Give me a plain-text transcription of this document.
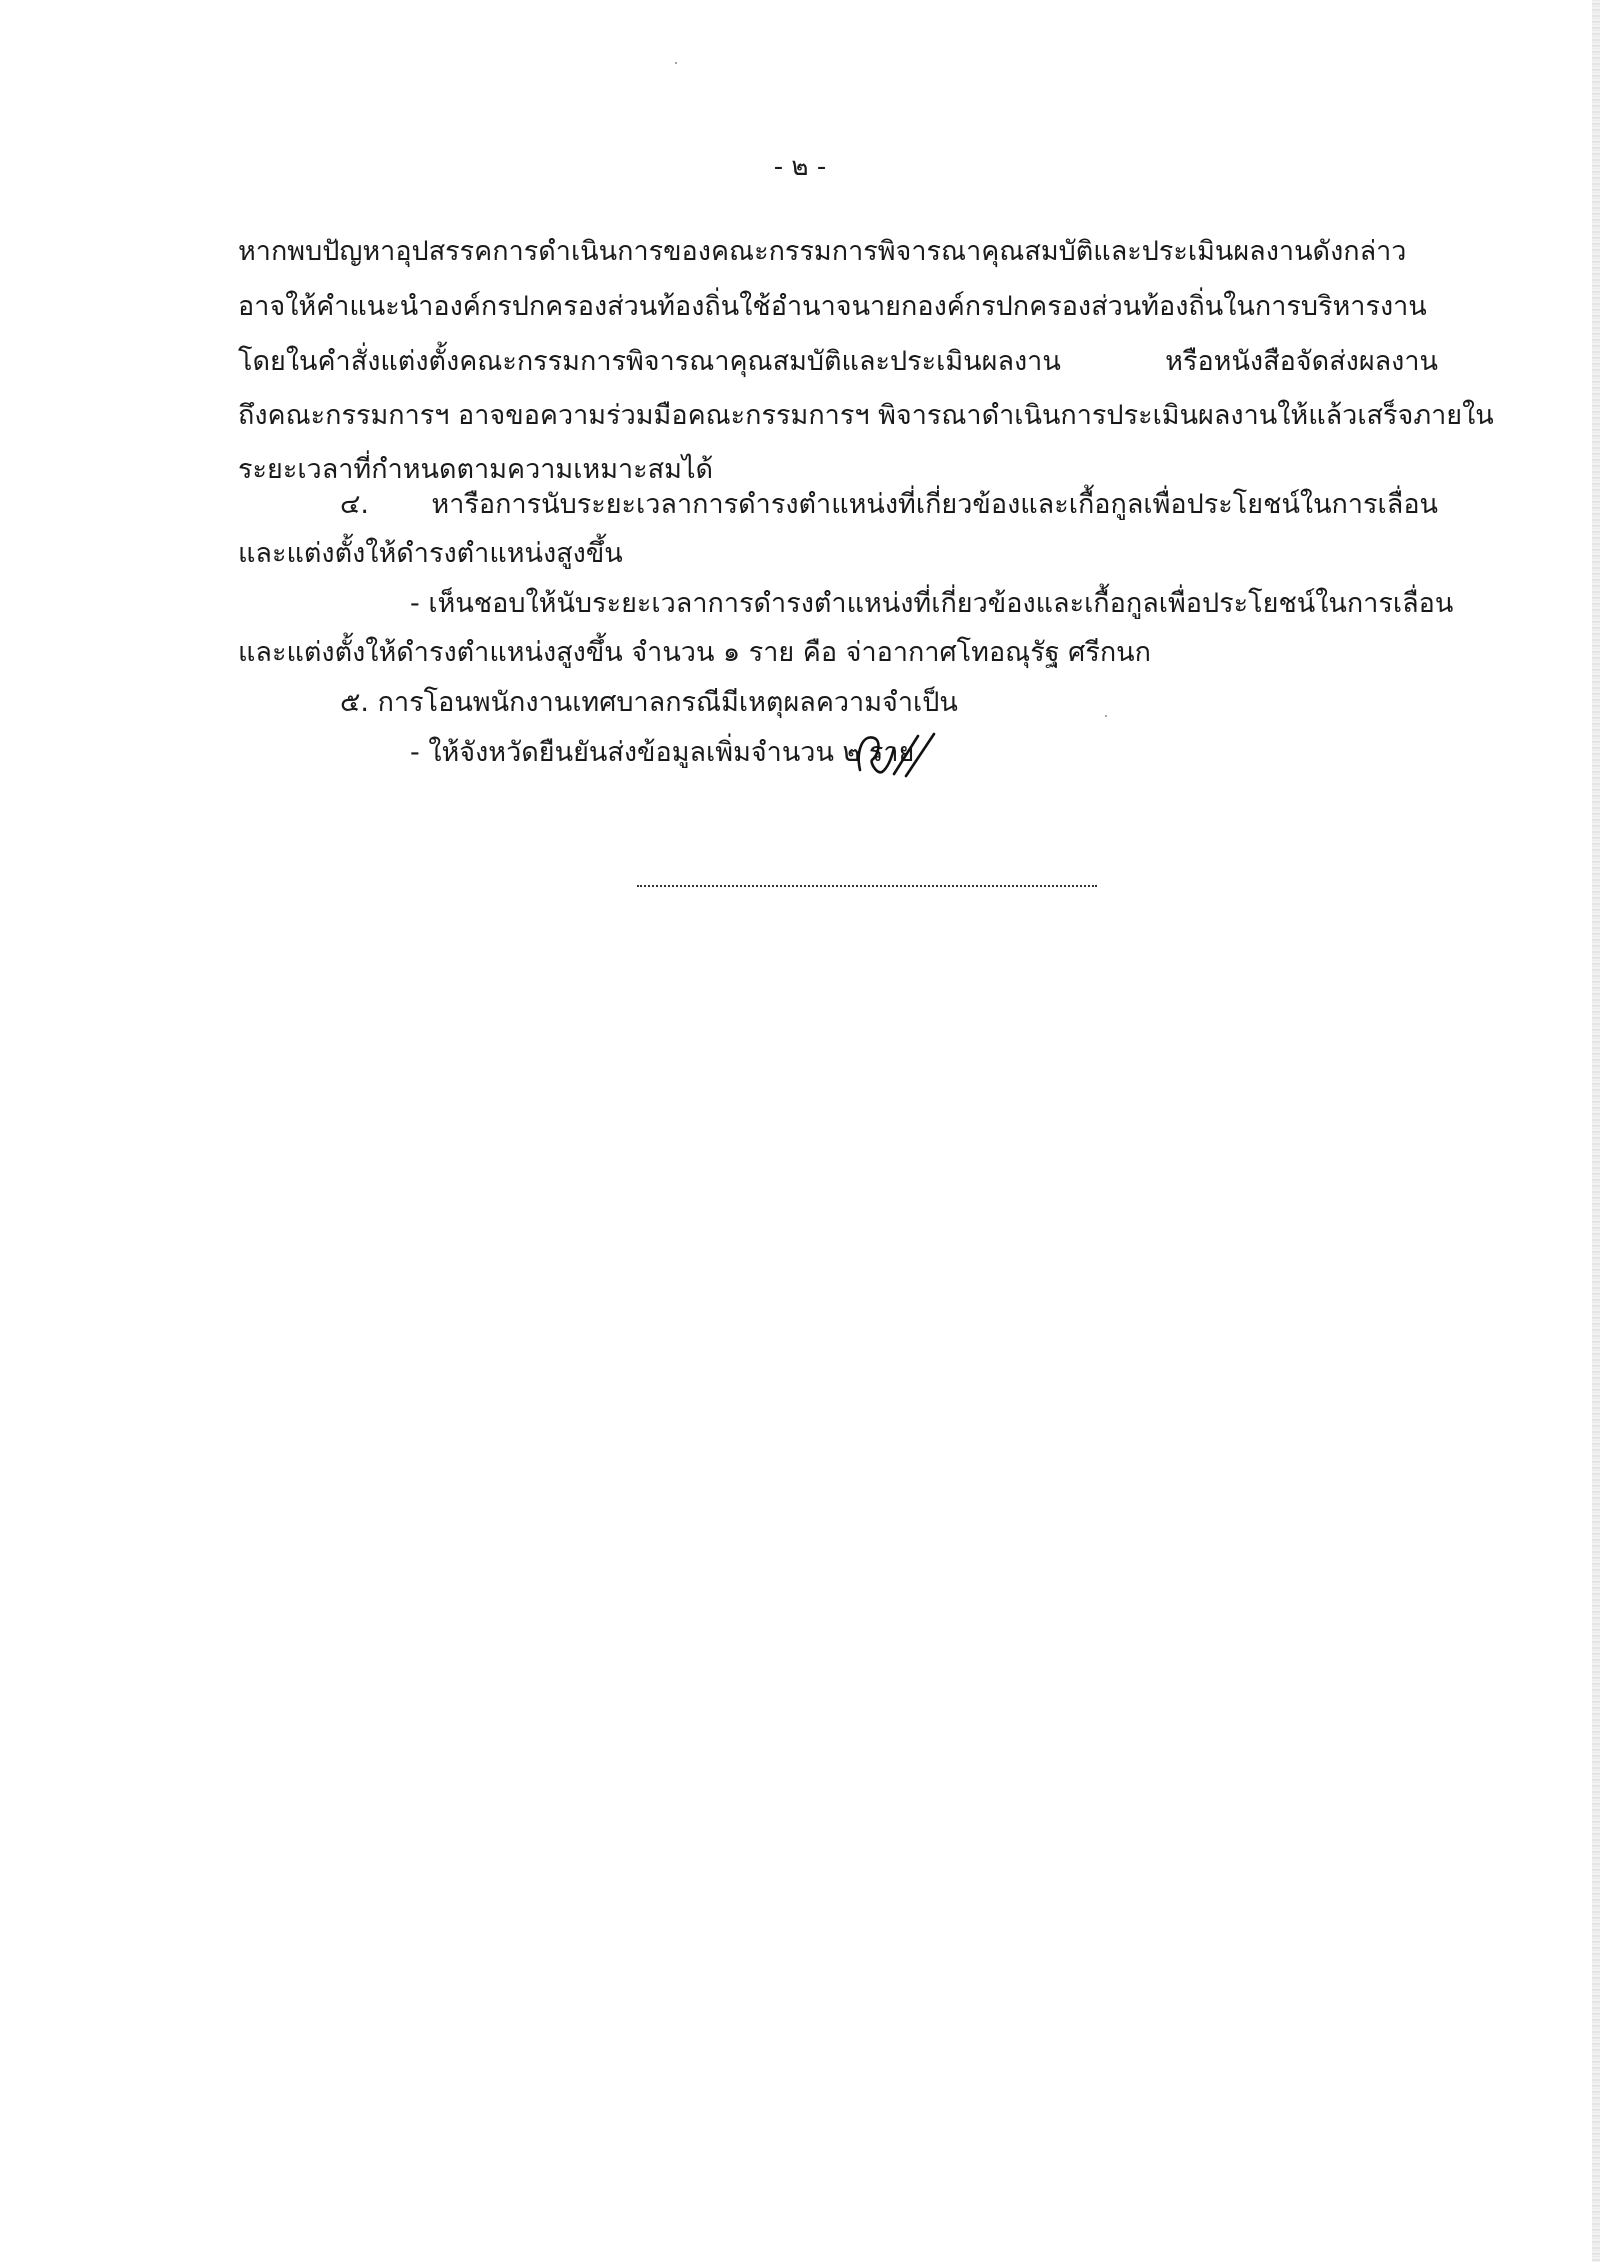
- ๒ -
หากพบปัญหาอุปสรรคการดำเนินการของคณะกรรมการพิจารณาคุณสมบัติและประเมินผลงานดังกล่าว
อาจให้คำแนะนำองค์กรปกครองส่วนท้องถิ่นใช้อำนาจนายกองค์กรปกครองส่วนท้องถิ่นในการบริหารงาน
โดยในคำสั่งแต่งตั้งคณะกรรมการพิจารณาคุณสมบัติและประเมินผลงาน หรือหนังสือจัดส่งผลงาน
ถึงคณะกรรมการฯ อาจขอความร่วมมือคณะกรรมการฯ พิจารณาดำเนินการประเมินผลงานให้แล้วเสร็จภายใน
ระยะเวลาที่กำหนดตามความเหมาะสมได้
๔. หารือการนับระยะเวลาการดำรงตำแหน่งที่เกี่ยวข้องและเกื้อกูลเพื่อประโยชน์ในการเลื่อน
และแต่งตั้งให้ดำรงตำแหน่งสูงขึ้น
- เห็นชอบให้นับระยะเวลาการดำรงตำแหน่งที่เกี่ยวข้องและเกื้อกูลเพื่อประโยชน์ในการเลื่อน
และแต่งตั้งให้ดำรงตำแหน่งสูงขึ้น จำนวน ๑ ราย คือ จ่าอากาศโทอณุรัฐ ศรีกนก
๕. การโอนพนักงานเทศบาลกรณีมีเหตุผลความจำเป็น
- ให้จังหวัดยืนยันส่งข้อมูลเพิ่มจำนวน ๒ ราย
